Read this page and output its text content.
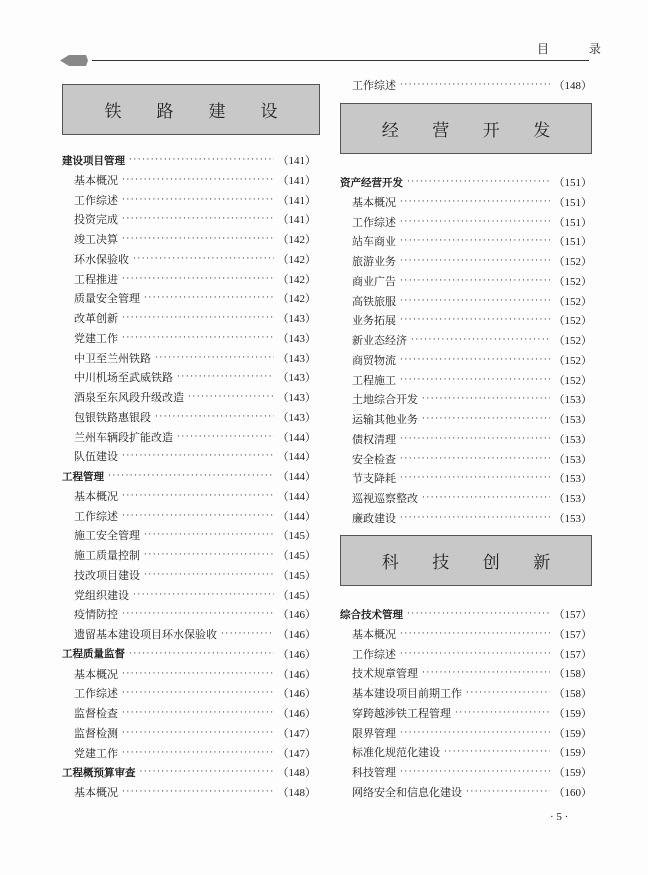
目 录
铁 路 建 设
建设项目管理 ·····	（141）
基本概况 ·····	（141）
工作综述 ·····	（141）
投资完成 ·····	（141）
竣工决算 ·····	（142）
环水保验收 ·····	（142）
工程推进 ·····	（142）
质量安全管理 ·····	（142）
改革创新 ·····	（143）
党建工作 ·····	（143）
中卫至兰州铁路 ·····	（143）
中川机场至武威铁路 ·····	（143）
酒泉至东风段升级改造 ·····	（143）
包银铁路惠银段 ·····	（143）
兰州车辆段扩能改造 ·····	（144）
队伍建设 ·····	（144）
工程管理 ·····	（144）
基本概况 ·····	（144）
工作综述 ·····	（144）
施工安全管理 ·····	（145）
施工质量控制 ·····	（145）
技改项目建设 ·····	（145）
党组织建设 ·····	（145）
疫情防控 ·····	（146）
遗留基本建设项目环水保验收 ·····	（146）
工程质量监督 ·····	（146）
基本概况 ·····	（146）
工作综述 ·····	（146）
监督检查 ·····	（146）
监督检测 ·····	（147）
党建工作 ·····	（147）
工程概预算审查 ·····	（148）
基本概况 ·····	（148）
经 营 开 发
科 技 创 新
工作综述 ·····	（148）
资产经营开发 ·····	（151）
基本概况 ·····	（151）
工作综述 ·····	（151）
站车商业 ·····	（151）
旅游业务 ·····	（152）
商业广告 ·····	（152）
高铁旅服 ·····	（152）
业务拓展 ·····	（152）
新业态经济 ·····	（152）
商贸物流 ·····	（152）
工程施工 ·····	（152）
土地综合开发 ·····	（153）
运输其他业务 ·····	（153）
债权清理 ·····	（153）
安全检查 ·····	（153）
节支降耗 ·····	（153）
巡视巡察整改 ·····	（153）
廉政建设 ·····	（153）
综合技术管理 ·····	（157）
基本概况 ·····	（157）
工作综述 ·····	（157）
技术规章管理 ·····	（158）
基本建设项目前期工作 ·····	（158）
穿跨越涉铁工程管理 ·····	（159）
限界管理 ·····	（159）
标准化规范化建设 ·····	（159）
科技管理 ·····	（159）
网络安全和信息化建设 ·····	（160）
· 5 ·
